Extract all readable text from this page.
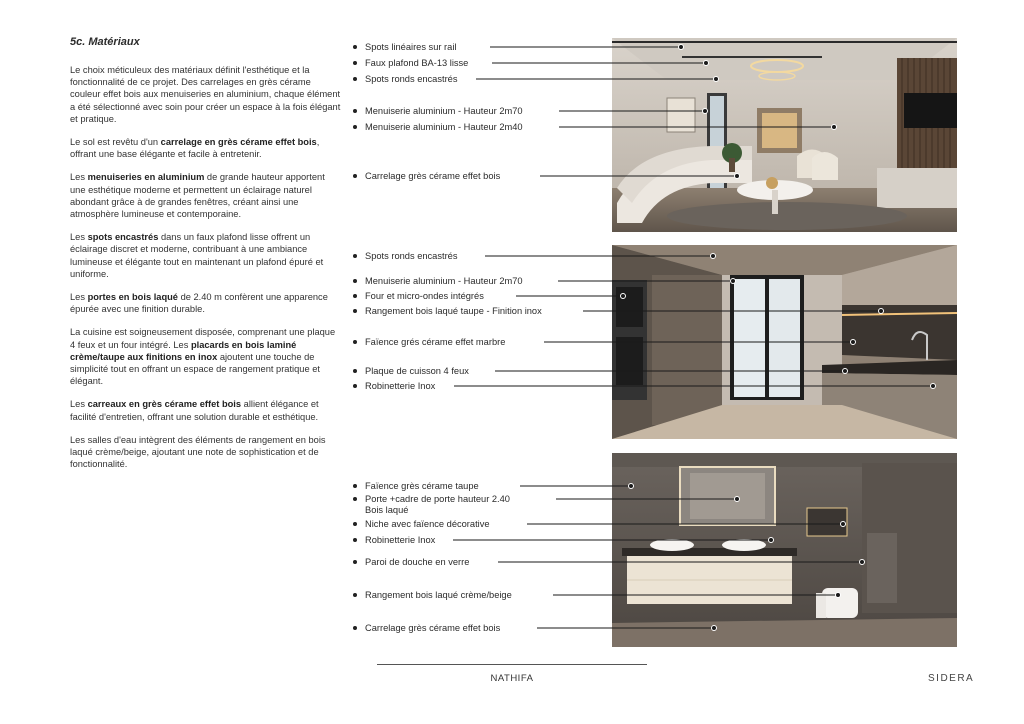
5c. Matériaux

Le choix méticuleux des matériaux définit l'esthétique et la fonctionnalité de ce projet. Des carrelages en grès cérame couleur effet bois aux menuiseries en aluminium, chaque élément a été sélectionné avec soin pour créer un espace à la fois élégant et pratique.

Le sol est revêtu d'un carrelage en grès cérame effet bois, offrant une base élégante et facile à entretenir.

Les menuiseries en aluminium de grande hauteur apportent une esthétique moderne et permettent un éclairage naturel abondant grâce à de grandes fenêtres, créant ainsi une atmosphère lumineuse et contemporaine.

Les spots encastrés dans un faux plafond lisse offrent un éclairage discret et moderne, contribuant à une ambiance lumineuse et élégante tout en maintenant un plafond épuré et uniforme.

Les portes en bois laqué de 2.40 m confèrent une apparence épurée avec une finition durable.

La cuisine est soigneusement disposée, comprenant une plaque 4 feux et un four intégré. Les placards en bois laminé crème/taupe aux finitions en inox ajoutent une touche de simplicité tout en offrant un espace de rangement pratique et élégant.

Les carreaux en grès cérame effet bois allient élégance et facilité d'entretien, offrant une solution durable et esthétique.

Les salles d'eau intègrent des éléments de rangement en bois laqué crème/beige, ajoutant une note de sophistication et de fonctionnalité.

Spots linéaires sur rail
Faux plafond BA-13 lisse
Spots ronds encastrés
Menuiserie aluminium - Hauteur 2m70
Menuiserie aluminium - Hauteur 2m40
Carrelage grès cérame effet bois
Spots ronds encastrés
Menuiserie aluminium - Hauteur 2m70
Four et micro-ondes intégrés
Rangement bois laqué taupe - Finition inox
Faïence grés cérame effet marbre
Plaque de cuisson 4 feux
Robinetterie Inox
Faïence grès cérame taupe
Porte +cadre de porte hauteur 2.40
Bois laqué
Niche avec faïence décorative
Robinetterie Inox
Paroi de douche en verre
Rangement bois laqué crème/beige
Carrelage grès cérame effet bois
NATHIFA	SIDERA
